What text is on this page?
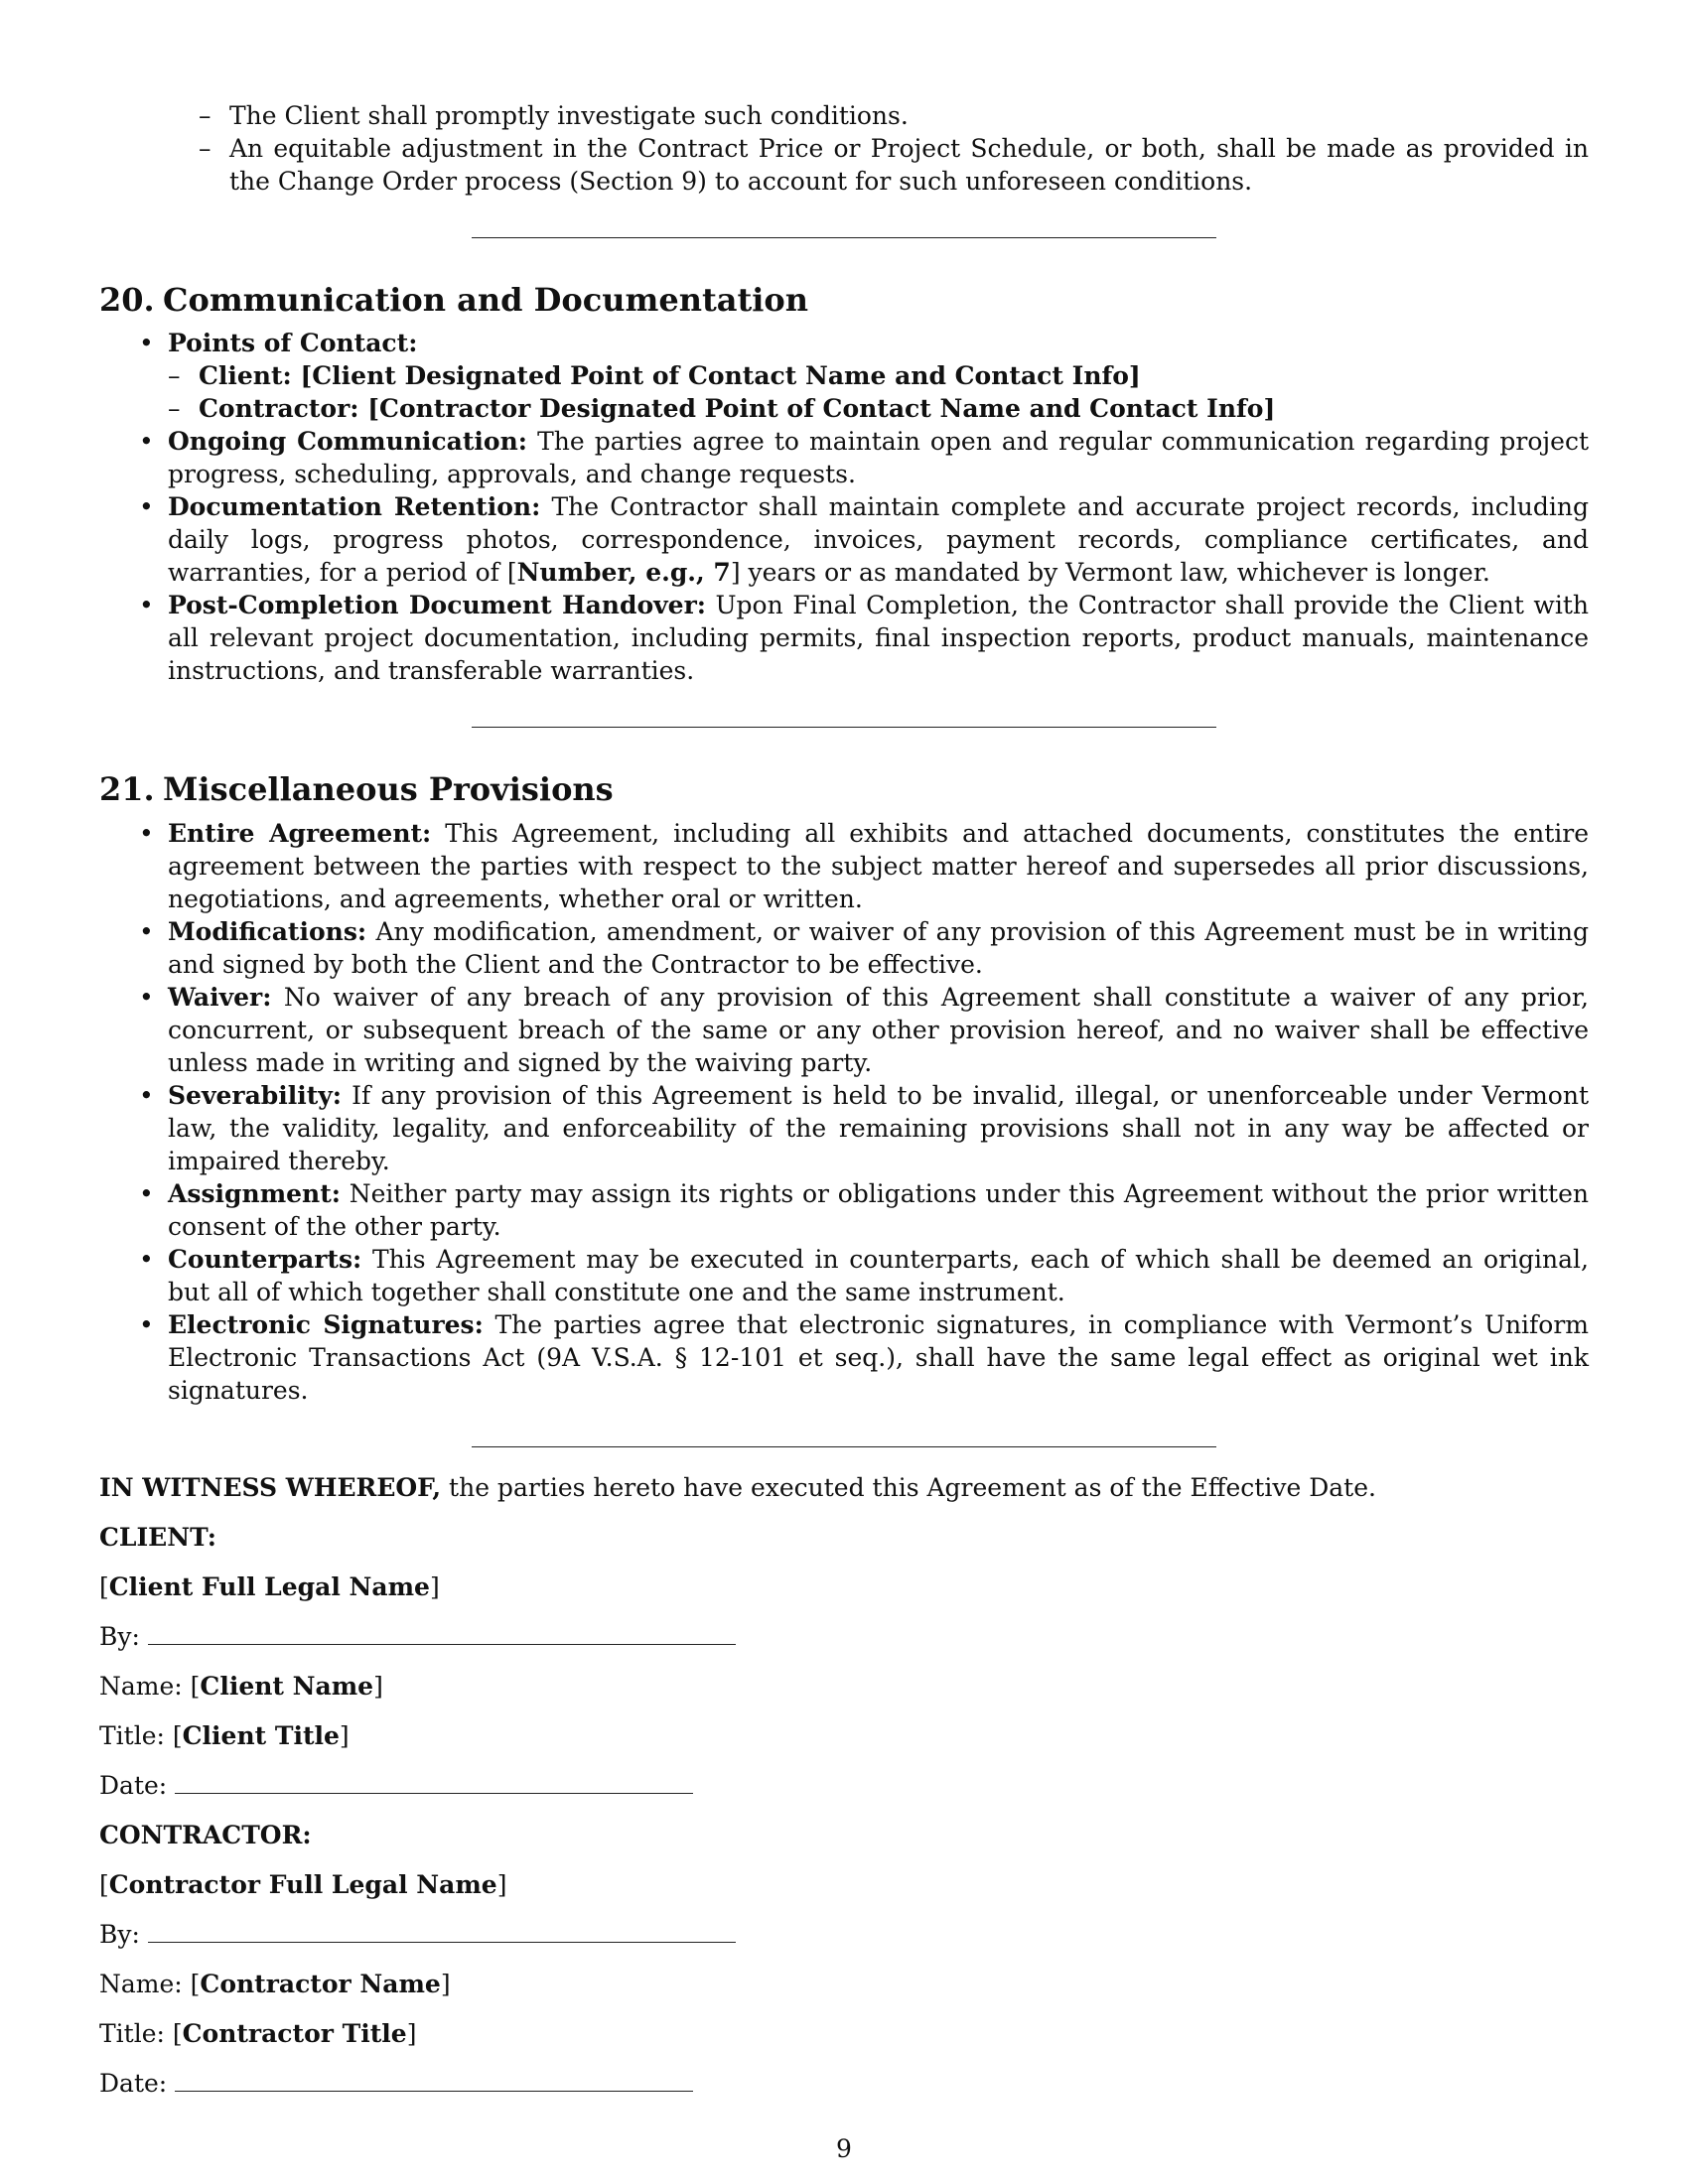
– The Client shall promptly investigate such conditions.
– An equitable adjustment in the Contract Price or Project Schedule, or both, shall be made as provided in the Change Order process (Section 9) to account for such unforeseen conditions.
20. Communication and Documentation
• Points of Contact:
– Client: [Client Designated Point of Contact Name and Contact Info]
– Contractor: [Contractor Designated Point of Contact Name and Contact Info]
• Ongoing Communication: The parties agree to maintain open and regular communication regarding project progress, scheduling, approvals, and change requests.
• Documentation Retention: The Contractor shall maintain complete and accurate project records, including daily logs, progress photos, correspondence, invoices, payment records, compliance certificates, and warranties, for a period of [Number, e.g., 7] years or as mandated by Vermont law, whichever is longer.
• Post-Completion Document Handover: Upon Final Completion, the Contractor shall provide the Client with all relevant project documentation, including permits, final inspection reports, product manuals, maintenance instructions, and transferable warranties.
21. Miscellaneous Provisions
• Entire Agreement: This Agreement, including all exhibits and attached documents, constitutes the entire agreement between the parties with respect to the subject matter hereof and supersedes all prior discussions, negotiations, and agreements, whether oral or written.
• Modifications: Any modification, amendment, or waiver of any provision of this Agreement must be in writing and signed by both the Client and the Contractor to be effective.
• Waiver: No waiver of any breach of any provision of this Agreement shall constitute a waiver of any prior, concurrent, or subsequent breach of the same or any other provision hereof, and no waiver shall be effective unless made in writing and signed by the waiving party.
• Severability: If any provision of this Agreement is held to be invalid, illegal, or unenforceable under Vermont law, the validity, legality, and enforceability of the remaining provisions shall not in any way be affected or impaired thereby.
• Assignment: Neither party may assign its rights or obligations under this Agreement without the prior written consent of the other party.
• Counterparts: This Agreement may be executed in counterparts, each of which shall be deemed an original, but all of which together shall constitute one and the same instrument.
• Electronic Signatures: The parties agree that electronic signatures, in compliance with Vermont’s Uniform Electronic Transactions Act (9A V.S.A. § 12-101 et seq.), shall have the same legal effect as original wet ink signatures.

IN WITNESS WHEREOF, the parties hereto have executed this Agreement as of the Effective Date.

CLIENT:

[Client Full Legal Name]

By:

Name: [Client Name]

Title: [Client Title]

Date:

CONTRACTOR:

[Contractor Full Legal Name]

By:

Name: [Contractor Name]

Title: [Contractor Title]

Date:

9
